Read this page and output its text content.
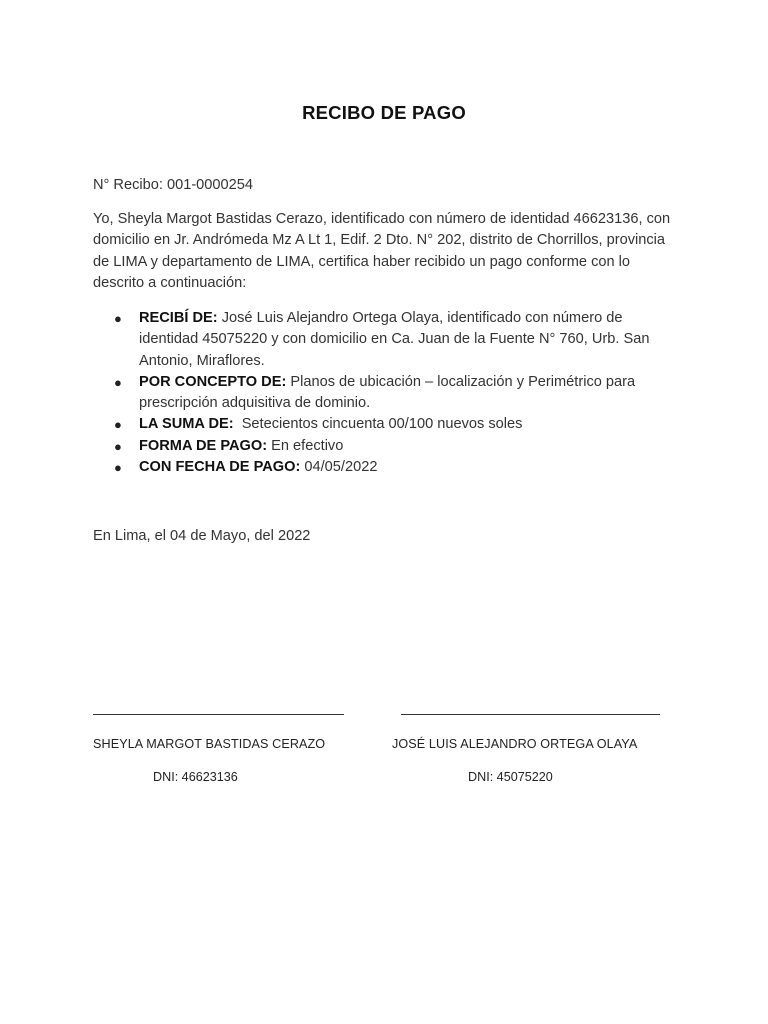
RECIBO DE PAGO
N° Recibo: 001-0000254
Yo, Sheyla Margot Bastidas Cerazo, identificado con número de identidad 46623136, con domicilio en Jr. Andrómeda Mz A Lt 1, Edif. 2 Dto. N° 202, distrito de Chorrillos, provincia de LIMA y departamento de LIMA, certifica haber recibido un pago conforme con lo descrito a continuación:
● RECIBÍ DE: José Luis Alejandro Ortega Olaya, identificado con número de identidad 45075220 y con domicilio en Ca. Juan de la Fuente N° 760, Urb. San Antonio, Miraflores.
● POR CONCEPTO DE: Planos de ubicación – localización y Perimétrico para prescripción adquisitiva de dominio.
● LA SUMA DE:  Setecientos cincuenta 00/100 nuevos soles
● FORMA DE PAGO: En efectivo
● CON FECHA DE PAGO: 04/05/2022
En Lima, el 04 de Mayo, del 2022
SHEYLA MARGOT BASTIDAS CERAZO	JOSÉ LUIS ALEJANDRO ORTEGA OLAYA
DNI: 46623136	DNI: 45075220
